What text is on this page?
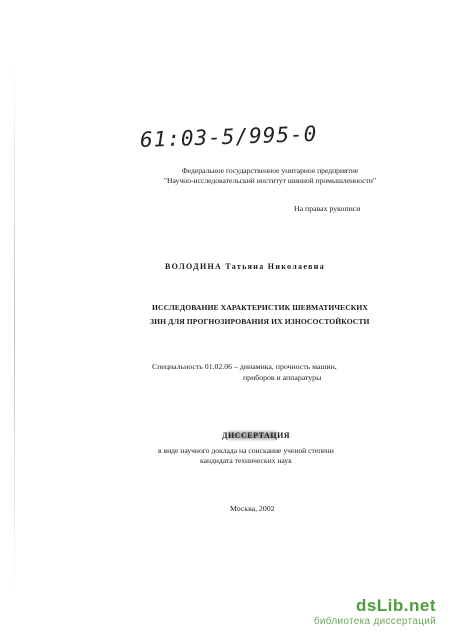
61:03-5/995-0
Федеральное государственное унитарное предприятие
"Научно-исследовательский институт шинной промышленности"
На правах рукописи
ВОЛОДИНА Татьяна Николаевна
ИССЛЕДОВАНИЕ ХАРАКТЕРИСТИК ШЕВМАТИЧЕСКИХ
ЗИН ДЛЯ ПРОГНОЗИРОВАНИЯ ИХ ИЗНОСОСТОЙКОСТИ
Специальность 01.02.06 – динамика, прочность машин,
приборов и аппаратуры
ДИССЕРТАЦИЯ
в виде научного доклада на соискание ученой степени
кандидата технических наук
Москва, 2002
dsLib.net
библиотека диссертаций
